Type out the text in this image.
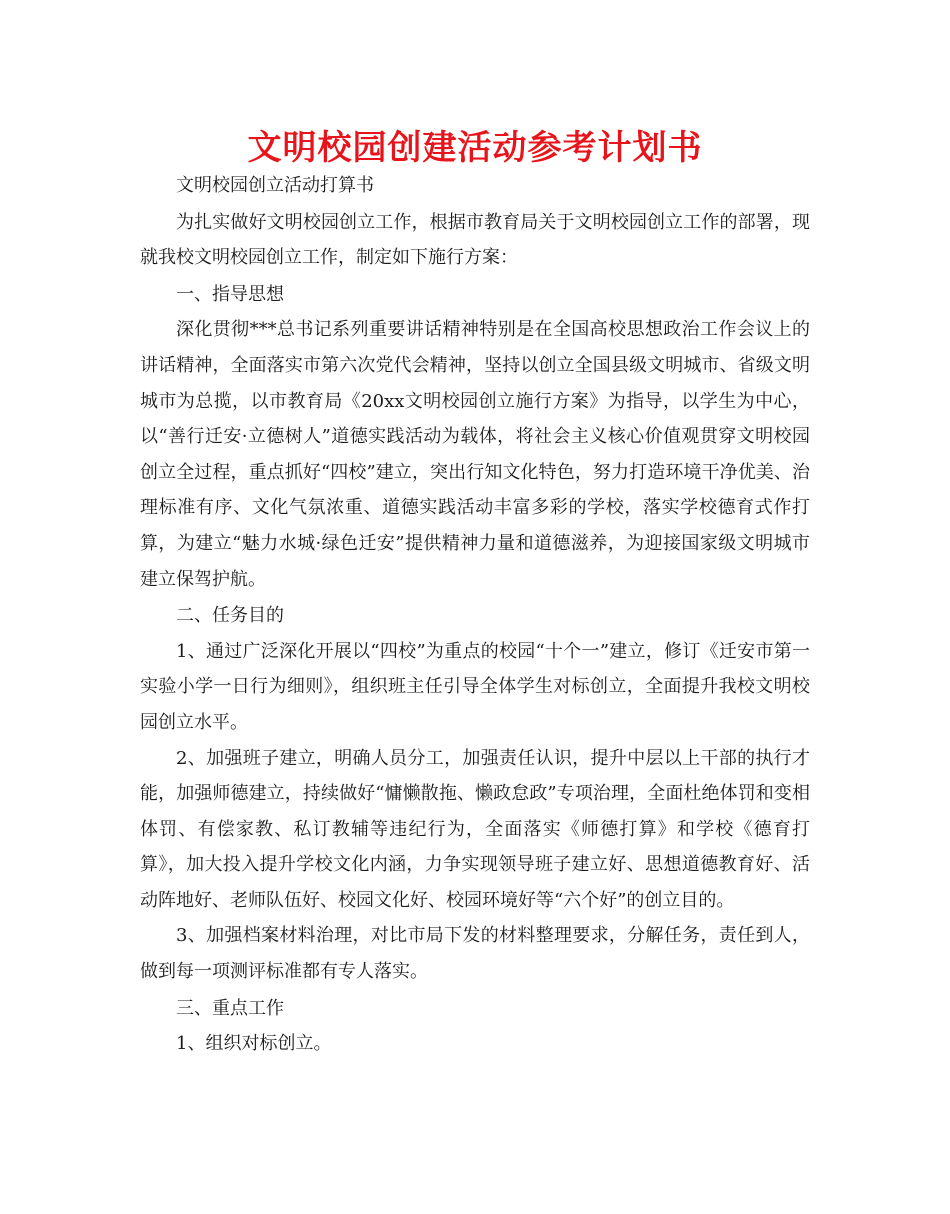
文明校园创建活动参考计划书

文明校园创立活动打算书

为扎实做好文明校园创立工作，根据市教育局关于文明校园创立工作的部署，现就我校文明校园创立工作，制定如下施行方案：

一、指导思想

深化贯彻***总书记系列重要讲话精神特别是在全国高校思想政治工作会议上的讲话精神，全面落实市第六次党代会精神，坚持以创立全国县级文明城市、省级文明城市为总揽，以市教育局《20xx文明校园创立施行方案》为指导，以学生为中心，以“善行迁安·立德树人”道德实践活动为载体，将社会主义核心价值观贯穿文明校园创立全过程，重点抓好“四校”建立，突出行知文化特色，努力打造环境干净优美、治理标准有序、文化气氛浓重、道德实践活动丰富多彩的学校，落实学校德育式作打算，为建立“魅力水城·绿色迁安”提供精神力量和道德滋养，为迎接国家级文明城市建立保驾护航。

二、任务目的

1、通过广泛深化开展以“四校”为重点的校园“十个一”建立，修订《迁安市第一实验小学一日行为细则》，组织班主任引导全体学生对标创立，全面提升我校文明校园创立水平。

2、加强班子建立，明确人员分工，加强责任认识，提升中层以上干部的执行才能，加强师德建立，持续做好“慵懒散拖、懒政怠政”专项治理，全面杜绝体罚和变相体罚、有偿家教、私订教辅等违纪行为，全面落实《师德打算》和学校《德育打算》，加大投入提升学校文化内涵，力争实现领导班子建立好、思想道德教育好、活动阵地好、老师队伍好、校园文化好、校园环境好等“六个好”的创立目的。

3、加强档案材料治理，对比市局下发的材料整理要求，分解任务，责任到人，做到每一项测评标准都有专人落实。

三、重点工作

1、组织对标创立。
